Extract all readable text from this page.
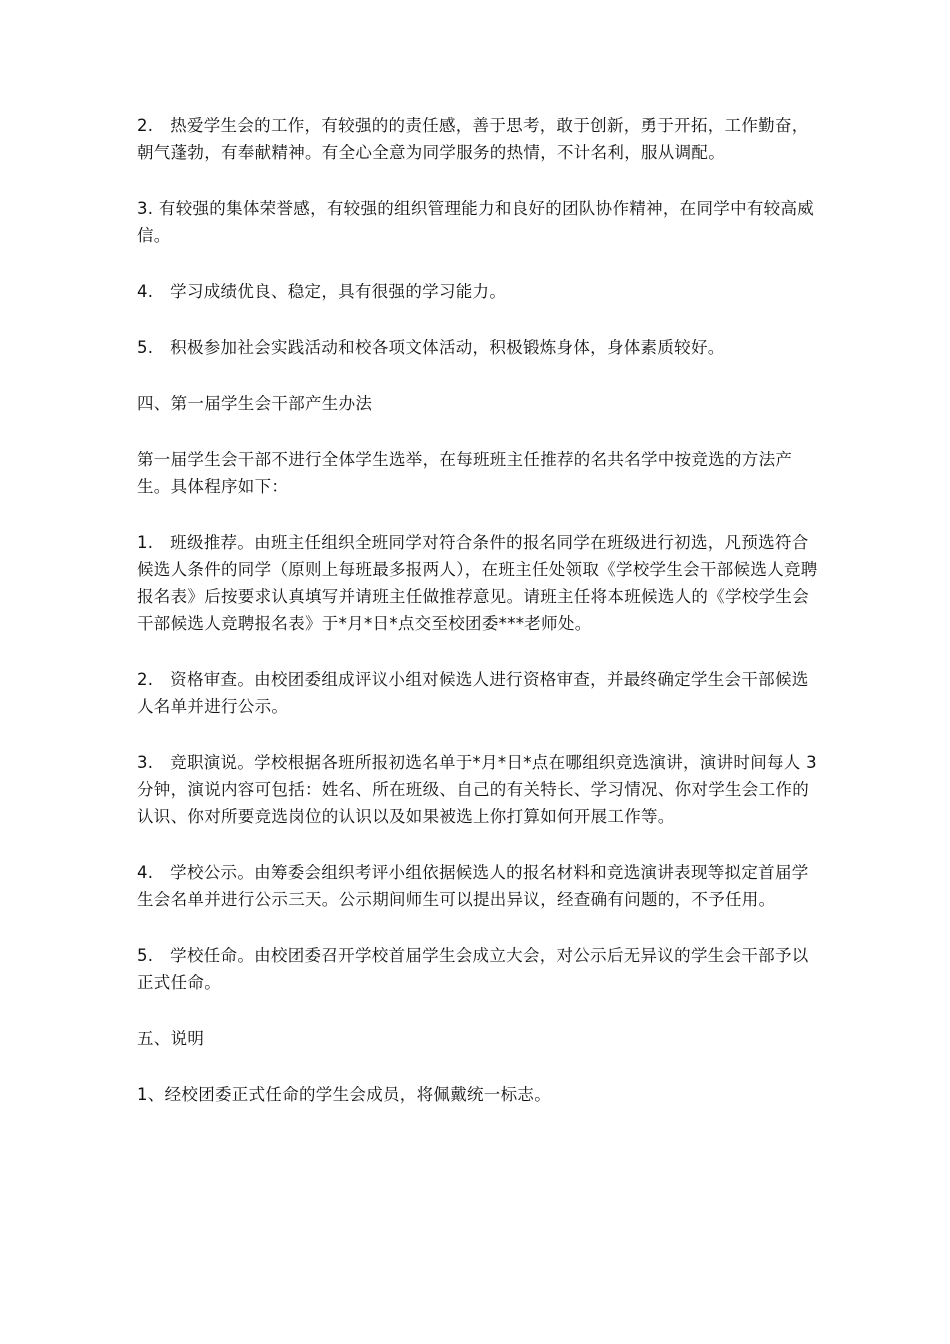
2.　热爱学生会的工作，有较强的的责任感，善于思考，敢于创新，勇于开拓，工作勤奋，朝气蓬勃，有奉献精神。有全心全意为同学服务的热情，不计名利，服从调配。

3. 有较强的集体荣誉感，有较强的组织管理能力和良好的团队协作精神，在同学中有较高威信。

4.　学习成绩优良、稳定，具有很强的学习能力。

5.　积极参加社会实践活动和校各项文体活动，积极锻炼身体，身体素质较好。

四、第一届学生会干部产生办法

第一届学生会干部不进行全体学生选举，在每班班主任推荐的名共名学中按竞选的方法产生。具体程序如下：

1.　班级推荐。由班主任组织全班同学对符合条件的报名同学在班级进行初选，凡预选符合候选人条件的同学（原则上每班最多报两人），在班主任处领取《学校学生会干部候选人竞聘报名表》后按要求认真填写并请班主任做推荐意见。请班主任将本班候选人的《学校学生会干部候选人竞聘报名表》于*月*日*点交至校团委***老师处。

2.　资格审查。由校团委组成评议小组对候选人进行资格审查，并最终确定学生会干部候选人名单并进行公示。

3.　竞职演说。学校根据各班所报初选名单于*月*日*点在哪组织竞选演讲，演讲时间每人 3 分钟，演说内容可包括：姓名、所在班级、自己的有关特长、学习情况、你对学生会工作的认识、你对所要竞选岗位的认识以及如果被选上你打算如何开展工作等。

4.　学校公示。由筹委会组织考评小组依据候选人的报名材料和竞选演讲表现等拟定首届学生会名单并进行公示三天。公示期间师生可以提出异议，经查确有问题的，不予任用。

5.　学校任命。由校团委召开学校首届学生会成立大会，对公示后无异议的学生会干部予以正式任命。

五、说明

1、经校团委正式任命的学生会成员，将佩戴统一标志。
